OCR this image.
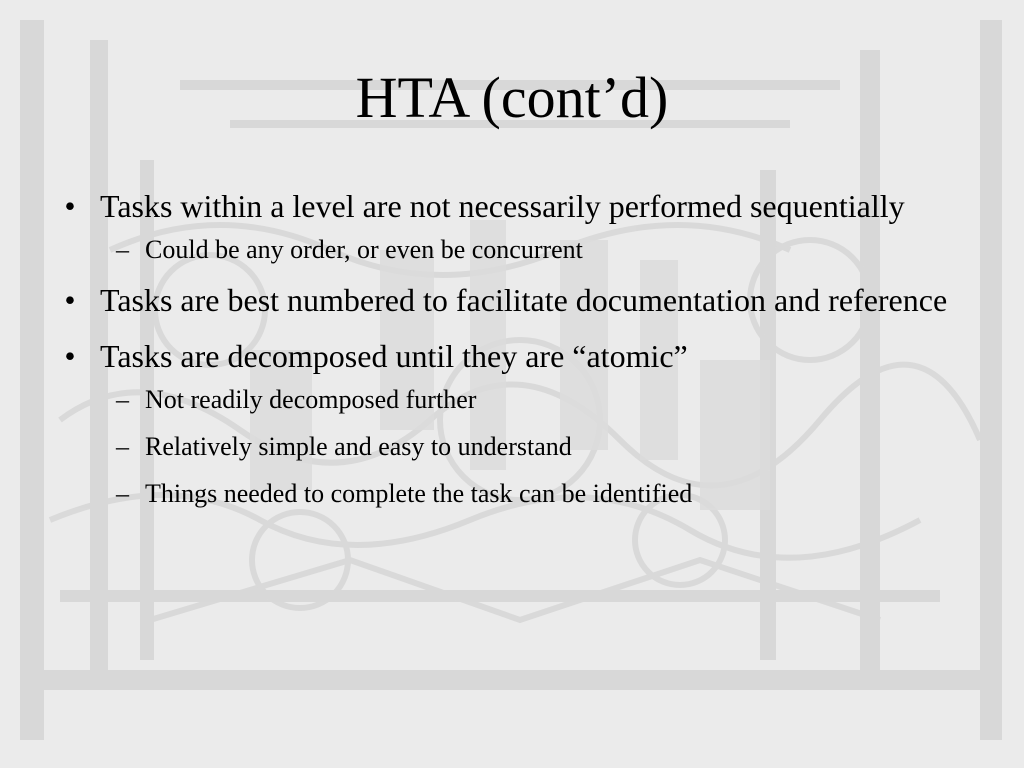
HTA (cont’d)
• Tasks within a level are not necessarily performed sequentially
– Could be any order, or even be concurrent
• Tasks are best numbered to facilitate documentation and reference
• Tasks are decomposed until they are “atomic”
– Not readily decomposed further
– Relatively simple and easy to understand
– Things needed to complete the task can be identified
